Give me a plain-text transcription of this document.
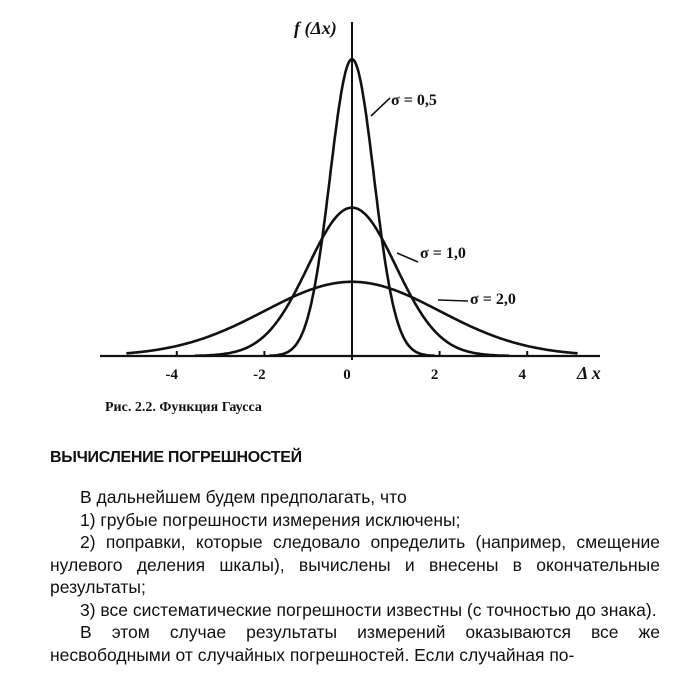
-4	-2	0	2	4	Δ x
f (Δx)
σ = 0,5
σ = 1,0
σ = 2,0
Рис. 2.2. Функция Гаусса
ВЫЧИСЛЕНИЕ ПОГРЕШНОСТЕЙ

В дальнейшем будем предполагать, что

1) грубые погрешности измерения исключены;

2) поправки, которые следовало определить (например, смещение нулевого деления шкалы), вычислены и внесены в окончательные результаты;

3) все систематические погрешности известны (с точностью до знака).

В этом случае результаты измерений оказываются все же несвободными от случайных погрешностей. Если случайная по-
